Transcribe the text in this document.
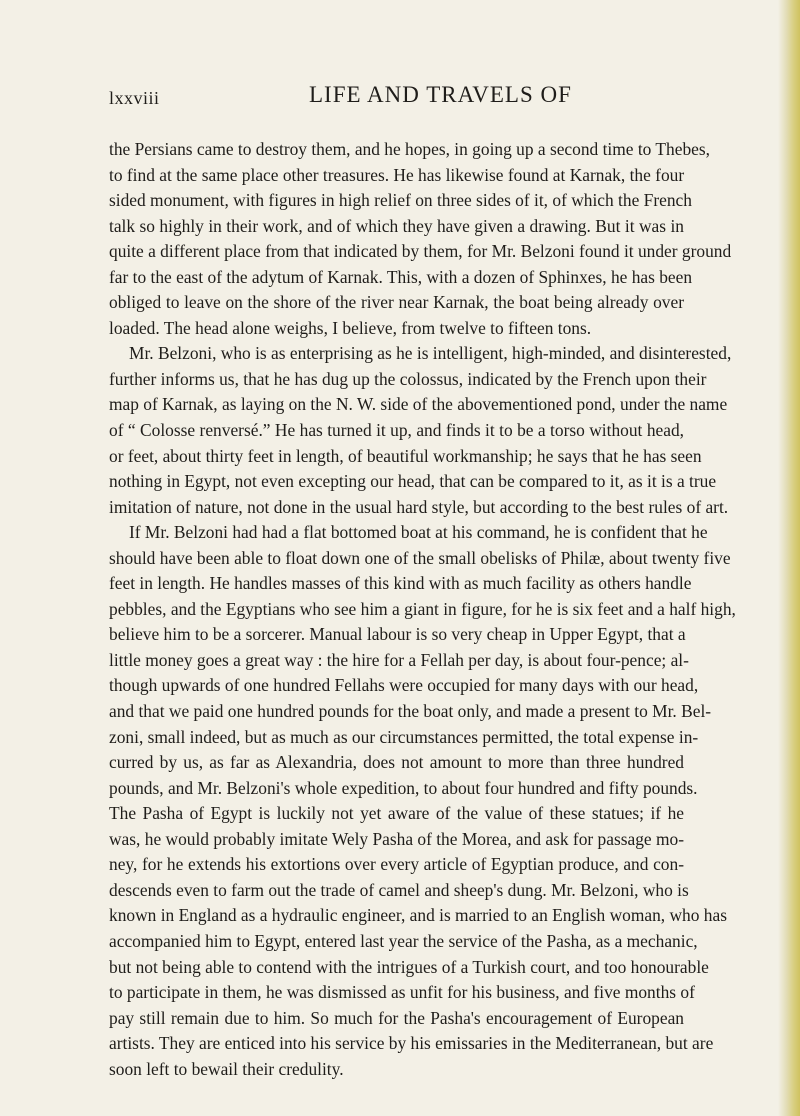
lxxviii	LIFE AND TRAVELS OF
the Persians came to destroy them, and he hopes, in going up a second time to Thebes,
to find at the same place other treasures. He has likewise found at Karnak, the four
sided monument, with figures in high relief on three sides of it, of which the French
talk so highly in their work, and of which they have given a drawing. But it was in
quite a different place from that indicated by them, for Mr. Belzoni found it under ground
far to the east of the adytum of Karnak. This, with a dozen of Sphinxes, he has been
obliged to leave on the shore of the river near Karnak, the boat being already over
loaded. The head alone weighs, I believe, from twelve to fifteen tons.
Mr. Belzoni, who is as enterprising as he is intelligent, high-minded, and disinterested,
further informs us, that he has dug up the colossus, indicated by the French upon their
map of Karnak, as laying on the N. W. side of the abovementioned pond, under the name
of “ Colosse renversé.” He has turned it up, and finds it to be a torso without head,
or feet, about thirty feet in length, of beautiful workmanship; he says that he has seen
nothing in Egypt, not even excepting our head, that can be compared to it, as it is a true
imitation of nature, not done in the usual hard style, but according to the best rules of art.
If Mr. Belzoni had had a flat bottomed boat at his command, he is confident that he
should have been able to float down one of the small obelisks of Philæ, about twenty five
feet in length. He handles masses of this kind with as much facility as others handle
pebbles, and the Egyptians who see him a giant in figure, for he is six feet and a half high,
believe him to be a sorcerer. Manual labour is so very cheap in Upper Egypt, that a
little money goes a great way : the hire for a Fellah per day, is about four-pence; al-
though upwards of one hundred Fellahs were occupied for many days with our head,
and that we paid one hundred pounds for the boat only, and made a present to Mr. Bel-
zoni, small indeed, but as much as our circumstances permitted, the total expense in-
curred by us, as far as Alexandria, does not amount to more than three hundred
pounds, and Mr. Belzoni's whole expedition, to about four hundred and fifty pounds.
The Pasha of Egypt is luckily not yet aware of the value of these statues; if he
was, he would probably imitate Wely Pasha of the Morea, and ask for passage mo-
ney, for he extends his extortions over every article of Egyptian produce, and con-
descends even to farm out the trade of camel and sheep's dung. Mr. Belzoni, who is
known in England as a hydraulic engineer, and is married to an English woman, who has
accompanied him to Egypt, entered last year the service of the Pasha, as a mechanic,
but not being able to contend with the intrigues of a Turkish court, and too honourable
to participate in them, he was dismissed as unfit for his business, and five months of
pay still remain due to him. So much for the Pasha's encouragement of European
artists. They are enticed into his service by his emissaries in the Mediterranean, but are
soon left to bewail their credulity.
